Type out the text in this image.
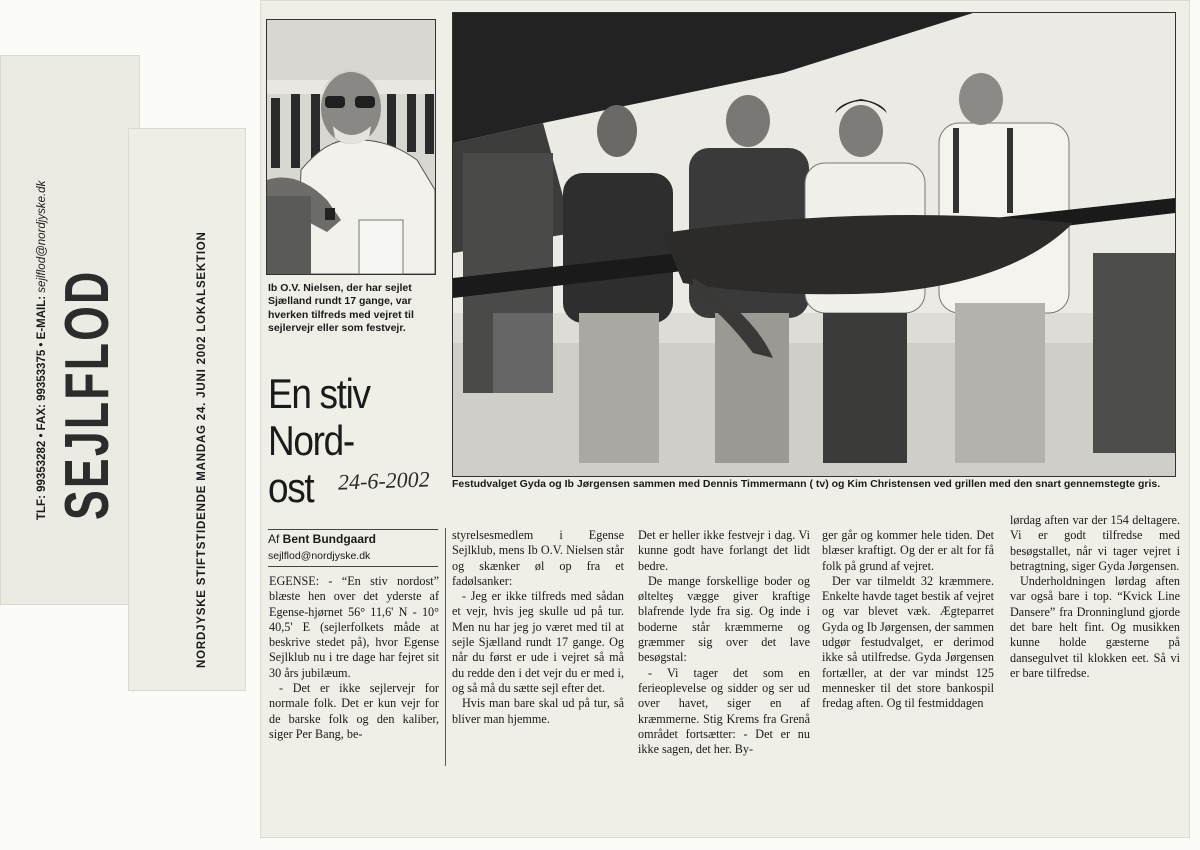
SEJLFLOD
TLF: 99353282 • FAX: 99353375 • E-MAIL: sejlflod@nordjyske.dk	NORDJYSKE STIFTSTIDENDE MANDAG 24. JUNI 2002 LOKALSEKTION	Ib O.V. Nielsen, der har sejlet Sjælland rundt 17 gange, var hverken tilfreds med vejret til sejlervejr eller som festvejr.
En stiv
Nord-
ost	24-6-2002
Af Bent Bundgaard
sejlflod@nordjyske.dk
Festudvalget Gyda og Ib Jørgensen sammen med Dennis Timmermann ( tv) og Kim Christensen ved grillen med den snart gennemstegte gris.

EGENSE: - “En stiv nordost” blæste hen over det yderste af Egense-hjørnet 56° 11,6' N - 10° 40,5' E (sejlerfolkets måde at beskrive stedet på), hvor Egense Sejlklub nu i tre dage har fejret sit 30 års jubilæum.

- Det er ikke sejlervejr for normale folk. Det er kun vejr for de barske folk og den kaliber, siger Per Bang, be-

styrelsesmedlem i Egense Sejlklub, mens Ib O.V. Nielsen står og skænker øl op fra et fadølsanker:

- Jeg er ikke tilfreds med sådan et vejr, hvis jeg skulle ud på tur. Men nu har jeg jo været med til at sejle Sjælland rundt 17 gange. Og når du først er ude i vejret så må du redde den i det vejr du er med i, og så må du sætte sejl efter det.

Hvis man bare skal ud på tur, så bliver man hjemme.

Det er heller ikke festvejr i dag. Vi kunne godt have forlangt det lidt bedre.

De mange forskellige boder og øltelteş vægge giver kraftige blafrende lyde fra sig. Og inde i boderne står kræmmerne og græmmer sig over det lave besøgstal:

- Vi tager det som en ferieoplevelse og sidder og ser ud over havet, siger en af kræmmerne. Stig Krems fra Grenå området fortsætter: - Det er nu ikke sagen, det her. By-

ger går og kommer hele tiden. Det blæser kraftigt. Og der er alt for få folk på grund af vejret.

Der var tilmeldt 32 kræmmere. Enkelte havde taget bestik af vejret og var blevet væk. Ægteparret Gyda og Ib Jørgensen, der sammen udgør festudvalget, er derimod ikke så utilfredse. Gyda Jørgensen fortæller, at der var mindst 125 mennesker til det store bankospil fredag aften. Og til festmiddagen

lørdag aften var der 154 deltagere. Vi er godt tilfredse med besøgstallet, når vi tager vejret i betragtning, siger Gyda Jørgensen.

Underholdningen lørdag aften var også bare i top. “Kvick Line Dansere” fra Dronninglund gjorde det bare helt fint. Og musikken kunne holde gæsterne på dansegulvet til klokken eet. Så vi er bare tilfredse.
